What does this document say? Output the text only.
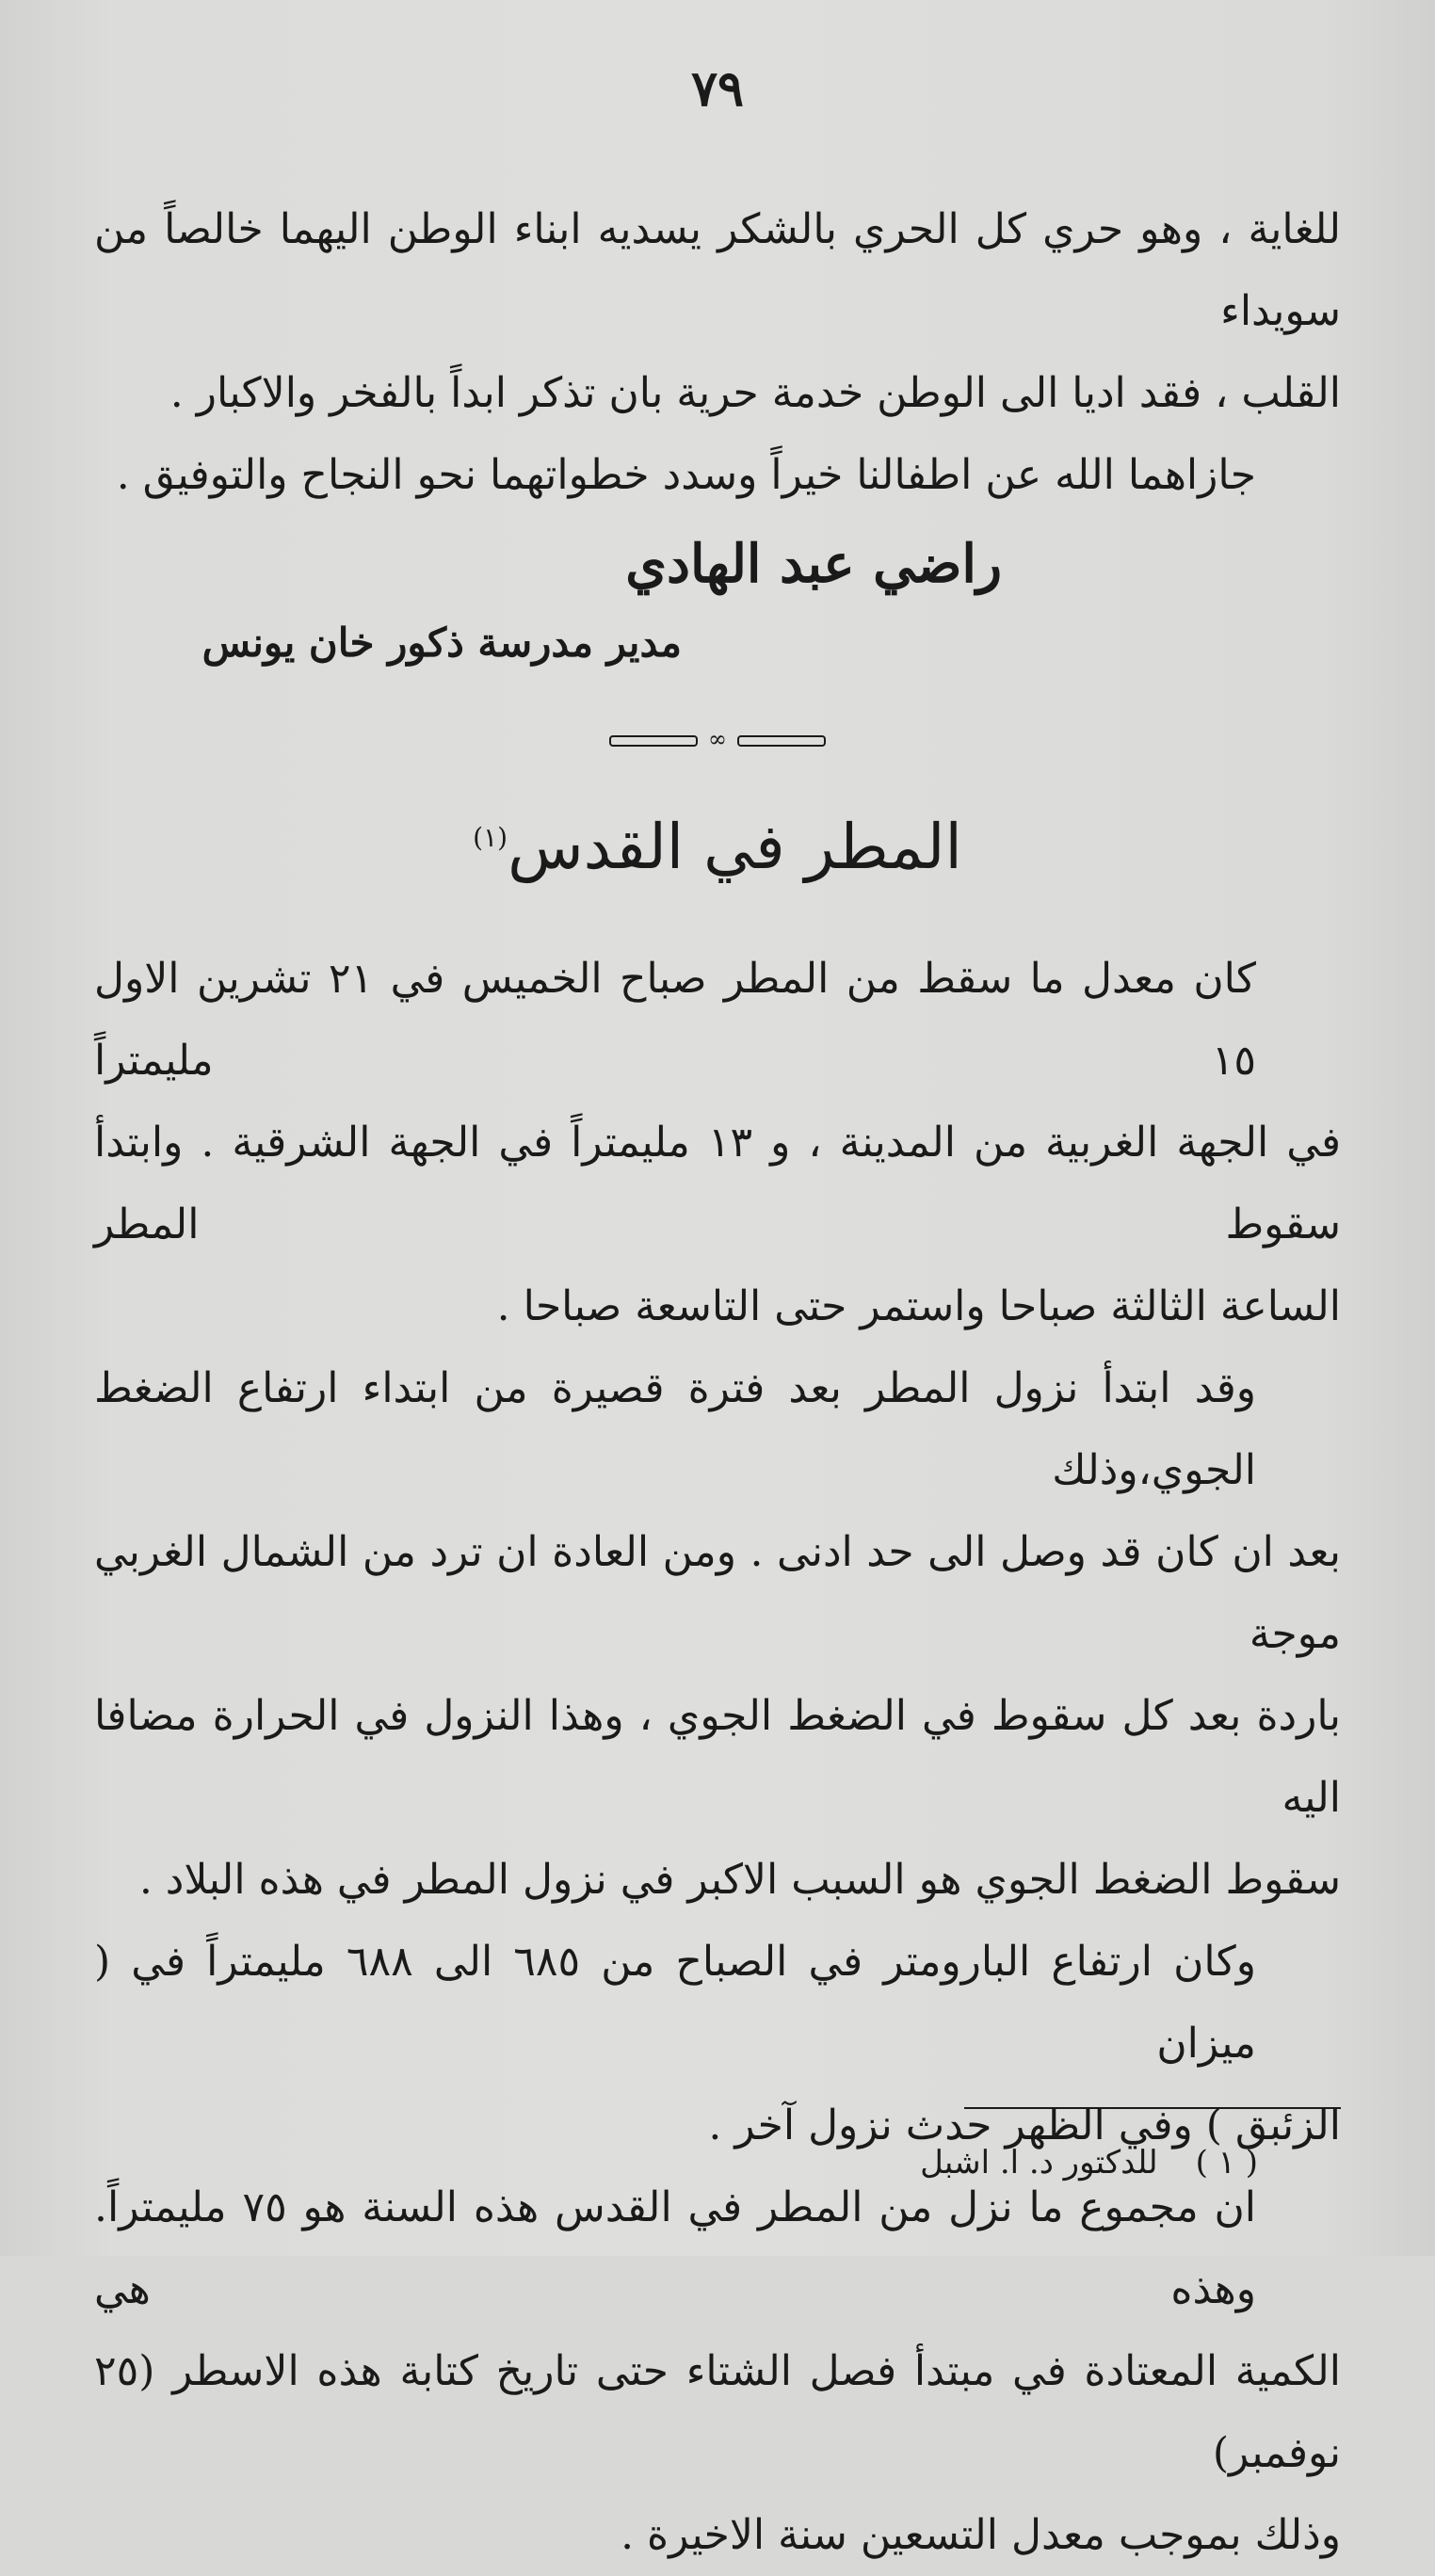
٧٩
للغاية ، وهو حري كل الحري بالشكر يسديه ابناء الوطن اليهما خالصاً من سويداء
القلب ، فقد اديا الى الوطن خدمة حرية بان تذكر ابداً بالفخر والاكبار .
جازاهما الله عن اطفالنا خيراً وسدد خطواتهما نحو النجاح والتوفيق .
راضي عبد الهادي
مدير مدرسة ذكور خان يونس
∞
المطر في القدس$^{(١)}$
كان معدل ما سقط من المطر صباح الخميس في ٢١ تشرين الاول ١٥ مليمتراً
في الجهة الغربية من المدينة ، و ١٣ مليمتراً في الجهة الشرقية . وابتدأ سقوط المطر
الساعة الثالثة صباحا واستمر حتى التاسعة صباحا .
وقد ابتدأ نزول المطر بعد فترة قصيرة من ابتداء ارتفاع الضغط الجوي،وذلك
بعد ان كان قد وصل الى حد ادنى . ومن العادة ان ترد من الشمال الغربي موجة
باردة بعد كل سقوط في الضغط الجوي ، وهذا النزول في الحرارة مضافا اليه
سقوط الضغط الجوي هو السبب الاكبر في نزول المطر في هذه البلاد .
وكان ارتفاع البارومتر في الصباح من ٦٨٥ الى ٦٨٨ مليمتراً في ( ميزان
الزئبق ) وفي الظهر حدث نزول آخر .
ان مجموع ما نزل من المطر في القدس هذه السنة هو ٧٥ مليمتراً. وهذه هي
الكمية المعتادة في مبتدأ فصل الشتاء حتى تاريخ كتابة هذه الاسطر (٢٥ نوفمبر)
وذلك بموجب معدل التسعين سنة الاخيرة .
( ١ )للدكتور د. ا. اشبل
